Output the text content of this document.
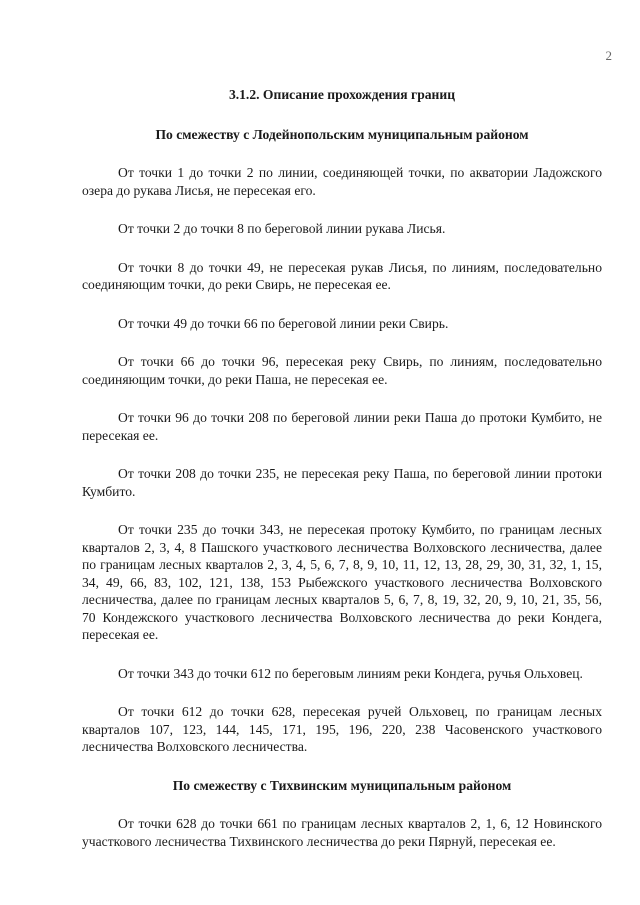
2
3.1.2. Описание прохождения границ
По смежеству с Лодейнопольским муниципальным районом

От точки 1 до точки 2 по линии, соединяющей точки, по акватории Ладожского озера до рукава Лисья, не пересекая его.

От точки 2 до точки 8 по береговой линии рукава Лисья.

От точки 8 до точки 49, не пересекая рукав Лисья, по линиям, последовательно соединяющим точки, до реки Свирь, не пересекая ее.

От точки 49 до точки 66 по береговой линии реки Свирь.

От точки 66 до точки 96, пересекая реку Свирь, по линиям, последовательно соединяющим точки, до реки Паша, не пересекая ее.

От точки 96 до точки 208 по береговой линии реки Паша до протоки Кумбито, не пересекая ее.

От точки 208 до точки 235, не пересекая реку Паша, по береговой линии протоки Кумбито.

От точки 235 до точки 343, не пересекая протоку Кумбито, по границам лесных кварталов 2, 3, 4, 8 Пашского участкового лесничества Волховского лесничества, далее по границам лесных кварталов 2, 3, 4, 5, 6, 7, 8, 9, 10, 11, 12, 13, 28, 29, 30, 31, 32, 1, 15, 34, 49, 66, 83, 102, 121, 138, 153 Рыбежского участкового лесничества Волховского лесничества, далее по границам лесных кварталов 5, 6, 7, 8, 19, 32, 20, 9, 10, 21, 35, 56, 70 Кондежского участкового лесничества Волховского лесничества до реки Кондега, пересекая ее.

От точки 343 до точки 612 по береговым линиям реки Кондега, ручья Ольховец.

От точки 612 до точки 628, пересекая ручей Ольховец, по границам лесных кварталов 107, 123, 144, 145, 171, 195, 196, 220, 238 Часовенского участкового лесничества Волховского лесничества.

По смежеству с Тихвинским муниципальным районом

От точки 628 до точки 661 по границам лесных кварталов 2, 1, 6, 12 Новинского участкового лесничества Тихвинского лесничества до реки Пярнуй, пересекая ее.
